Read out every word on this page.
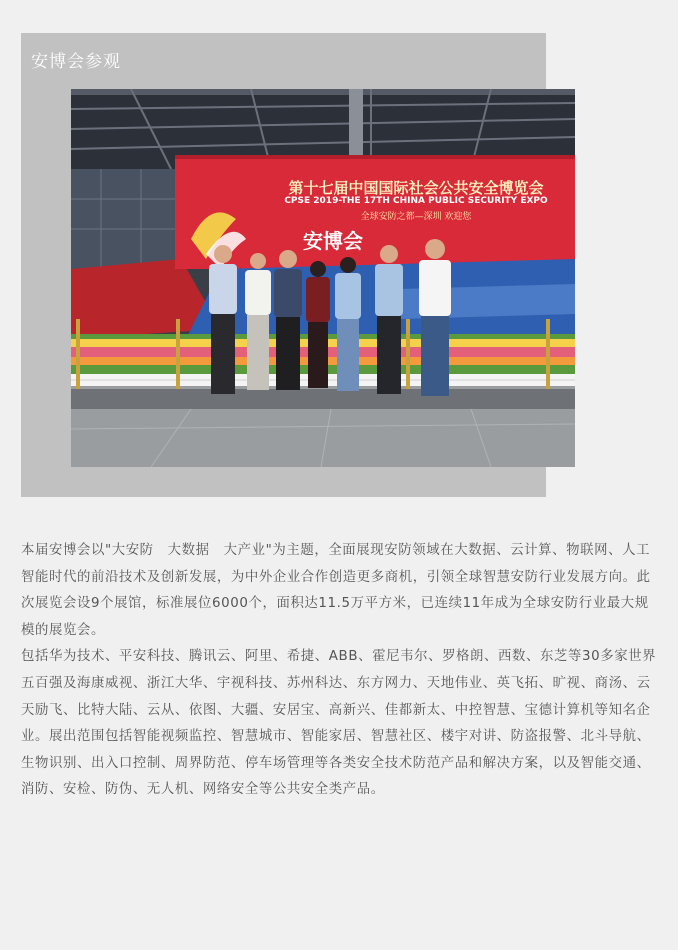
安博会参观
第十七届中国国际社会公共安全博览会
CPSE 2019-THE 17TH CHINA PUBLIC SECURITY EXPO
全球安防之都—深圳 欢迎您
安博会

本届安博会以"大安防　大数据　大产业"为主题，全面展现安防领域在大数据、云计算、物联网、人工智能时代的前沿技术及创新发展，为中外企业合作创造更多商机，引领全球智慧安防行业发展方向。此次展览会设9个展馆，标准展位6000个，面积达11.5万平方米，已连续11年成为全球安防行业最大规模的展览会。

包括华为技术、平安科技、腾讯云、阿里、希捷、ABB、霍尼韦尔、罗格朗、西数、东芝等30多家世界五百强及海康威视、浙江大华、宇视科技、苏州科达、东方网力、天地伟业、英飞拓、旷视、商汤、云天励飞、比特大陆、云从、依图、大疆、安居宝、高新兴、佳都新太、中控智慧、宝德计算机等知名企业。展出范围包括智能视频监控、智慧城市、智能家居、智慧社区、楼宇对讲、防盗报警、北斗导航、生物识别、出入口控制、周界防范、停车场管理等各类安全技术防范产品和解决方案，以及智能交通、消防、安检、防伪、无人机、网络安全等公共安全类产品。
